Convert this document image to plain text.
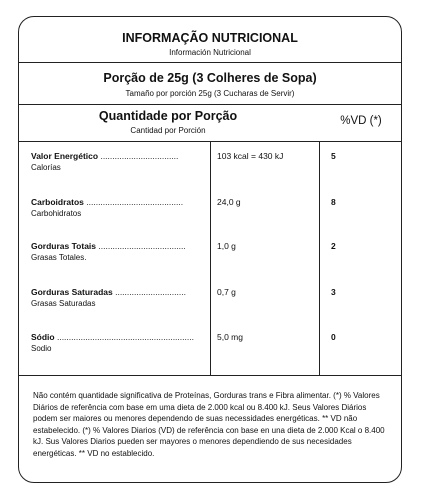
INFORMAÇÃO NUTRICIONAL
Información Nutricional
Porção de 25g (3 Colheres de Sopa)
Tamaño por porción 25g (3 Cucharas de Servir)
Quantidade por Porção
Cantidad por Porción
%VD (*)
Valor Energético .................................
Calorías
103 kcal = 430 kJ	5
Carboidratos .........................................
Carbohidratos
24,0 g	8
Gorduras Totais .....................................
Grasas Totales.
1,0 g	2
Gorduras Saturadas ..............................
Grasas Saturadas
0,7 g	3
Sódio ..........................................................
Sodio
5,0 mg	0
Não contém quantidade significativa de Proteínas, Gorduras trans e Fibra alimentar. (*) % Valores Diários de referência com base em uma dieta de 2.000 kcal ou 8.400 kJ. Seus Valores Diários podem ser maiores ou menores dependendo de suas necessidades energéticas. ** VD não estabelecido. (*) % Valores Diarios (VD) de referência con base en una dieta de 2.000 Kcal o 8.400 kJ. Sus Valores Diarios pueden ser mayores o menores dependiendo de sus necesidades energéticas. ** VD no establecido.
